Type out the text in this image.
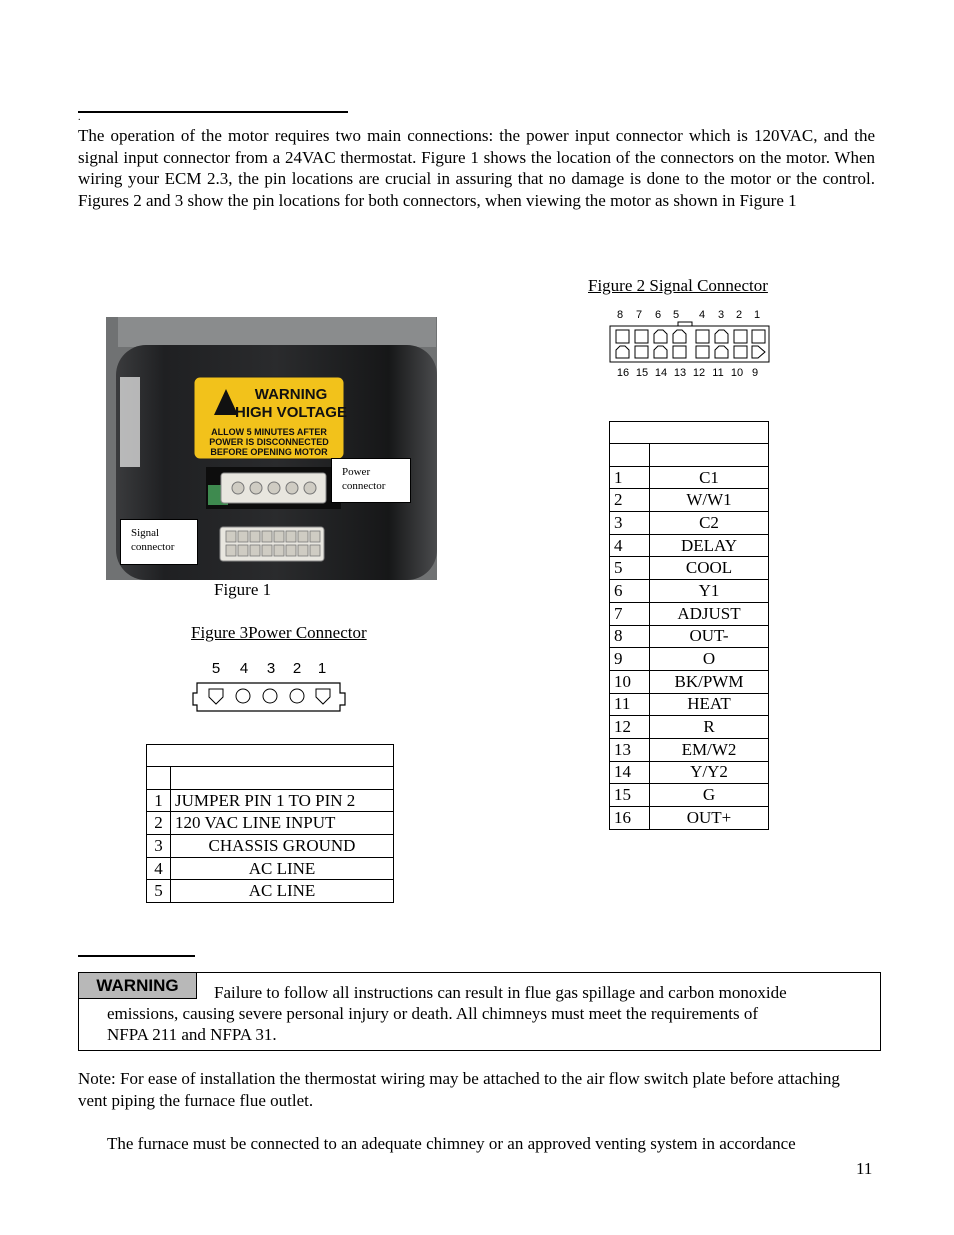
.
The operation of the motor requires two main connections: the power input connector which is 120VAC, and the signal input connector from a 24VAC thermostat. Figure 1 shows the location of the connectors on the motor. When wiring your ECM 2.3, the pin locations are crucial in assuring that no damage is done to the motor or the control. Figures 2 and 3 show the pin locations for both connectors, when viewing the motor as shown in Figure 1
Figure 2 Signal Connector
8 7 6 5 4 3 2 1
16 15 14 13 12 11 10 9

1	C1
2	W/W1
3	C2
4	DELAY
5	COOL
6	Y1
7	ADJUST
8	OUT-
9	O
10	BK/PWM
11	HEAT
12	R
13	EM/W2
14	Y/Y2
15	G
16	OUT+
WARNING
HIGH VOLTAGE
ALLOW 5 MINUTES AFTER
POWER IS DISCONNECTED
BEFORE OPENING MOTOR
Power connector
Signal connector
Figure 1
Figure 3Power Connector
5 4 3 2 1

1	JUMPER PIN 1 TO PIN 2
2	120 VAC LINE INPUT
3	CHASSIS GROUND
4	AC LINE
5	AC LINE
WARNING	Failure to follow all instructions can result in flue gas spillage and carbon monoxide
emissions, causing severe personal injury or death. All chimneys must meet the requirements of
NFPA 211 and NFPA 31.
Note: For ease of installation the thermostat wiring may be attached to the air flow switch plate before attaching vent piping the furnace flue outlet.
The furnace must be connected to an adequate chimney or an approved venting system in accordance
11
